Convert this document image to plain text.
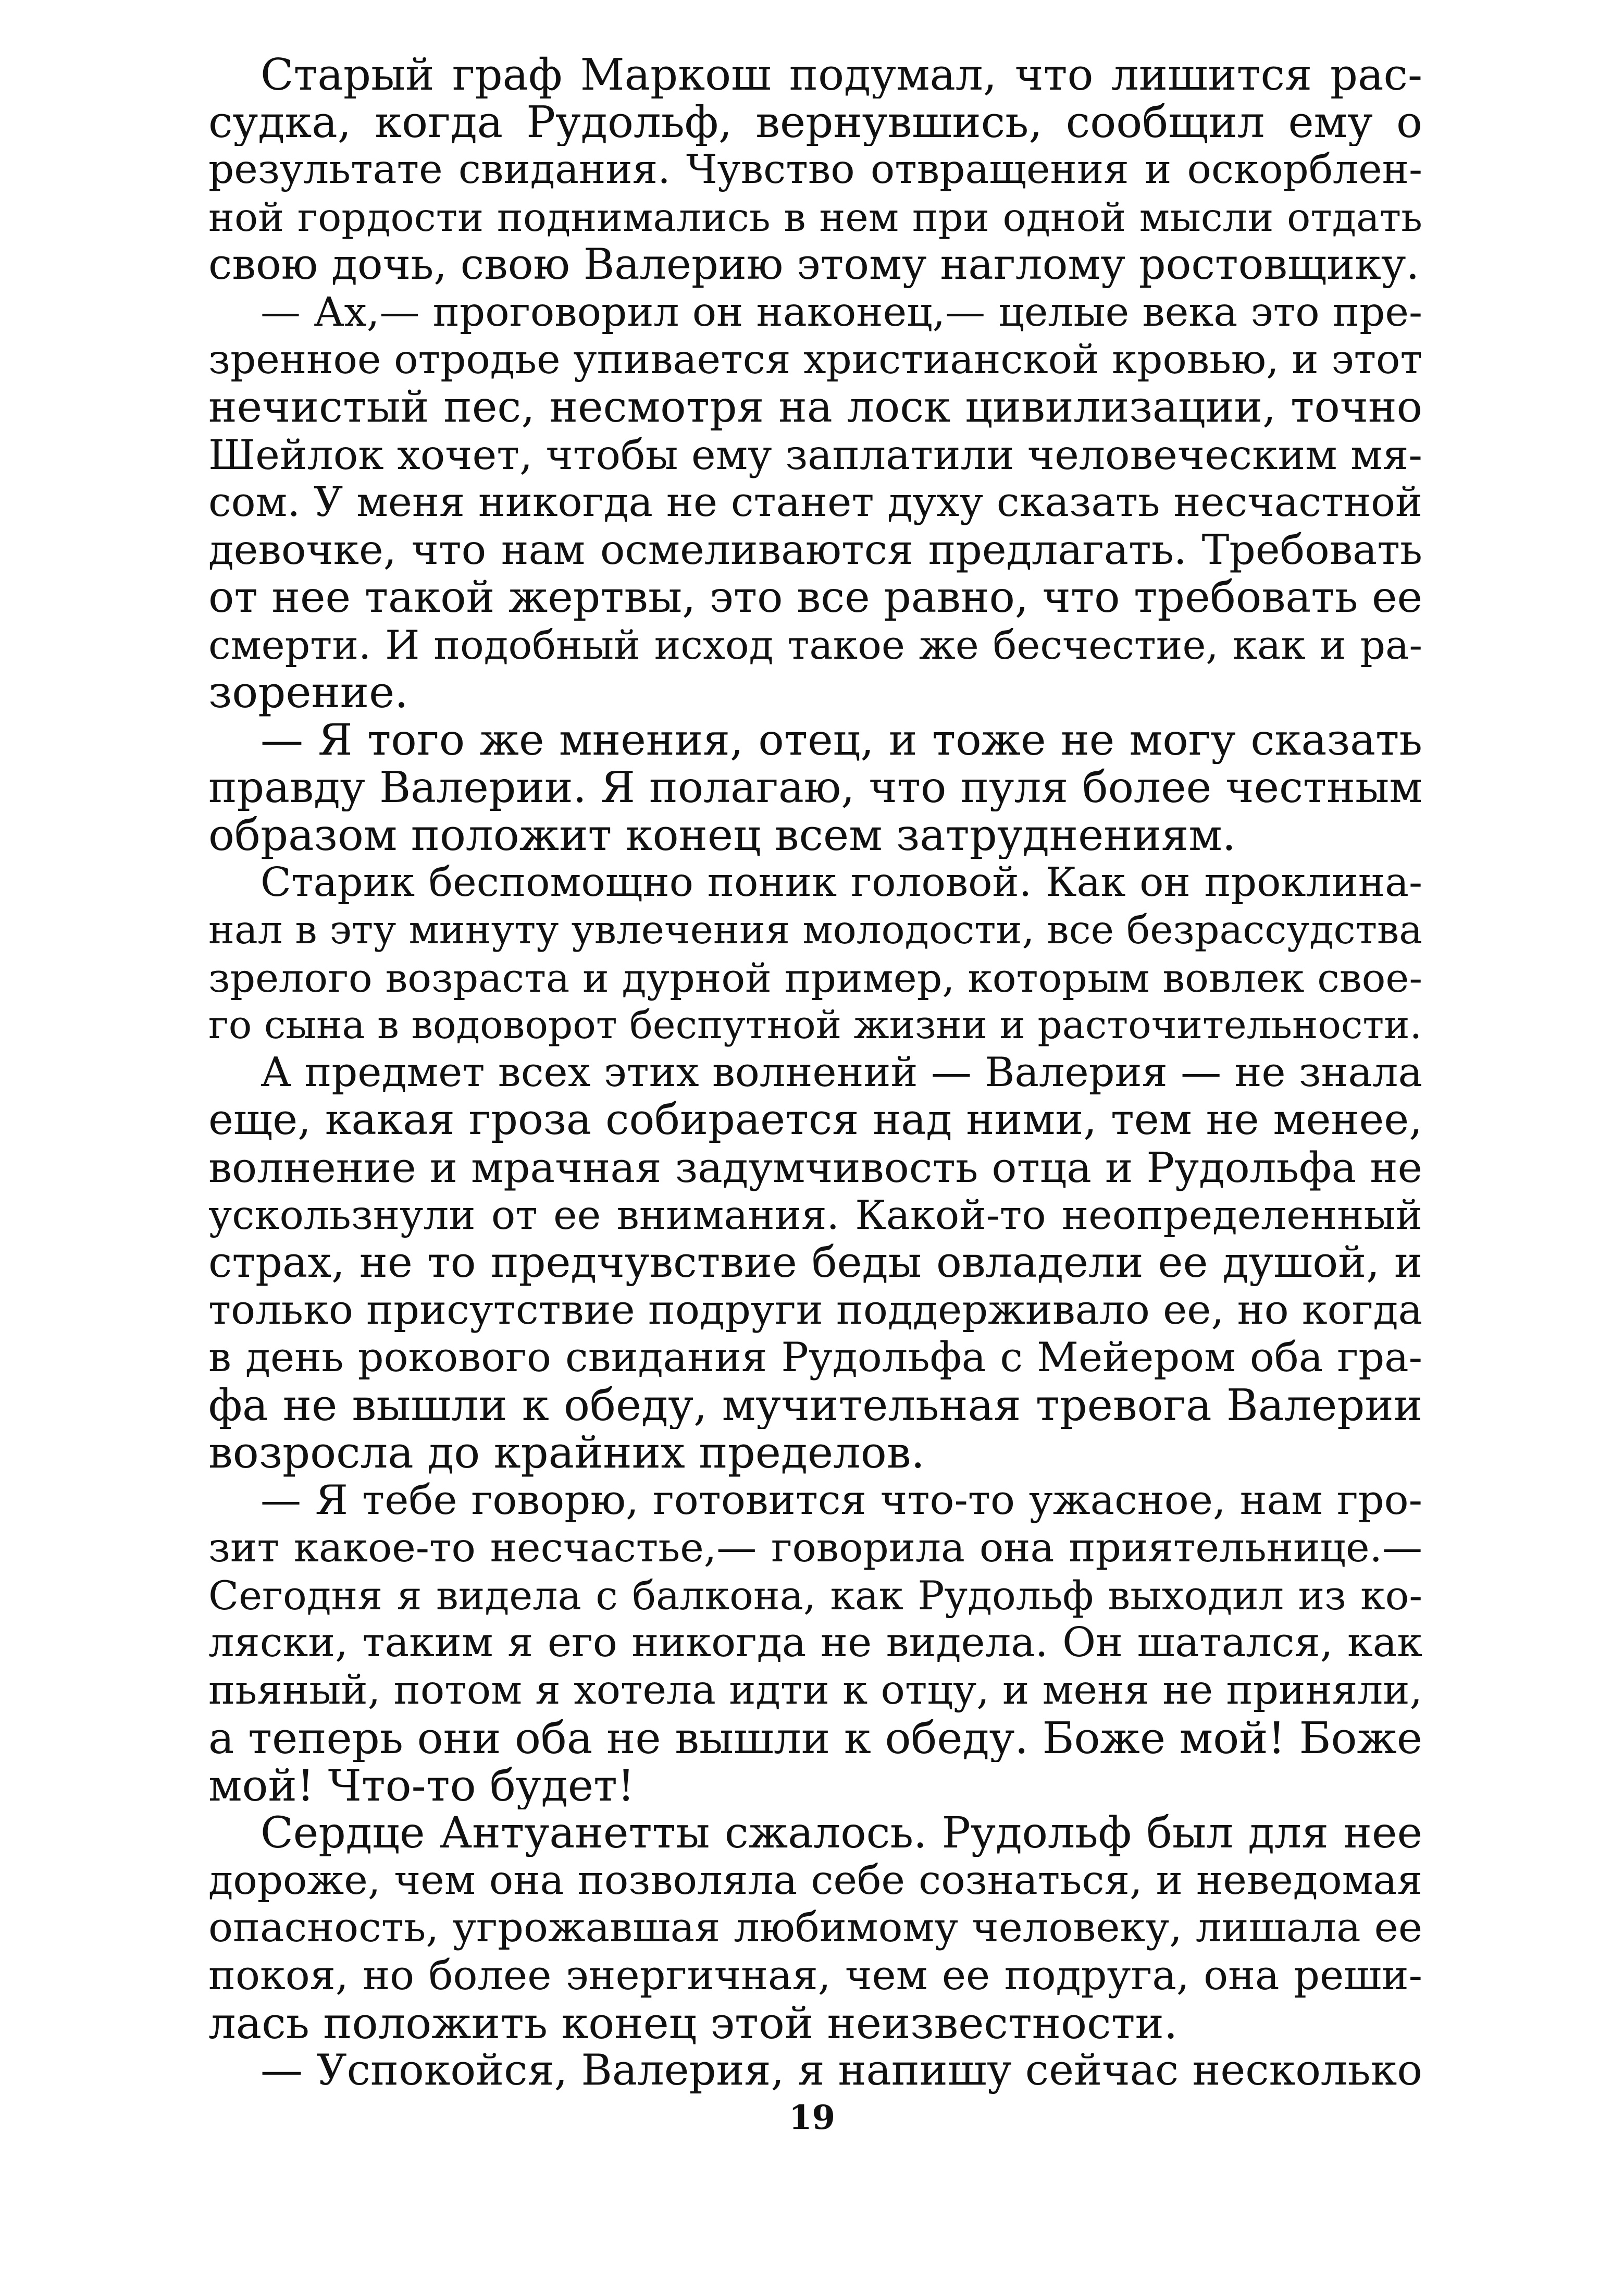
Старый граф Маркош подумал, что лишится рас-
судка, когда Рудольф, вернувшись, сообщил ему о
результате свидания. Чувство отвращения и оскорблен-
ной гордости поднимались в нем при одной мысли отдать
свою дочь, свою Валерию этому наглому ростовщику.
— Ах,— проговорил он наконец,— целые века это пре-
зренное отродье упивается христианской кровью, и этот
нечистый пес, несмотря на лоск цивилизации, точно
Шейлок хочет, чтобы ему заплатили человеческим мя-
сом. У меня никогда не станет духу сказать несчастной
девочке, что нам осмеливаются предлагать. Требовать
от нее такой жертвы, это все равно, что требовать ее
смерти. И подобный исход такое же бесчестие, как и ра-
зорение.
— Я того же мнения, отец, и тоже не могу сказать
правду Валерии. Я полагаю, что пуля более честным
образом положит конец всем затруднениям.
Старик беспомощно поник головой. Как он проклина-
нал в эту минуту увлечения молодости, все безрассудства
зрелого возраста и дурной пример, которым вовлек свое-
го сына в водоворот беспутной жизни и расточительности.
А предмет всех этих волнений — Валерия — не знала
еще, какая гроза собирается над ними, тем не менее,
волнение и мрачная задумчивость отца и Рудольфа не
ускользнули от ее внимания. Какой-то неопределенный
страх, не то предчувствие беды овладели ее душой, и
только присутствие подруги поддерживало ее, но когда
в день рокового свидания Рудольфа с Мейером оба гра-
фа не вышли к обеду, мучительная тревога Валерии
возросла до крайних пределов.
— Я тебе говорю, готовится что-то ужасное, нам гро-
зит какое-то несчастье,— говорила она приятельнице.—
Сегодня я видела с балкона, как Рудольф выходил из ко-
ляски, таким я его никогда не видела. Он шатался, как
пьяный, потом я хотела идти к отцу, и меня не приняли,
а теперь они оба не вышли к обеду. Боже мой! Боже
мой! Что-то будет!
Сердце Антуанетты сжалось. Рудольф был для нее
дороже, чем она позволяла себе сознаться, и неведомая
опасность, угрожавшая любимому человеку, лишала ее
покоя, но более энергичная, чем ее подруга, она реши-
лась положить конец этой неизвестности.
— Успокойся, Валерия, я напишу сейчас несколько
19
